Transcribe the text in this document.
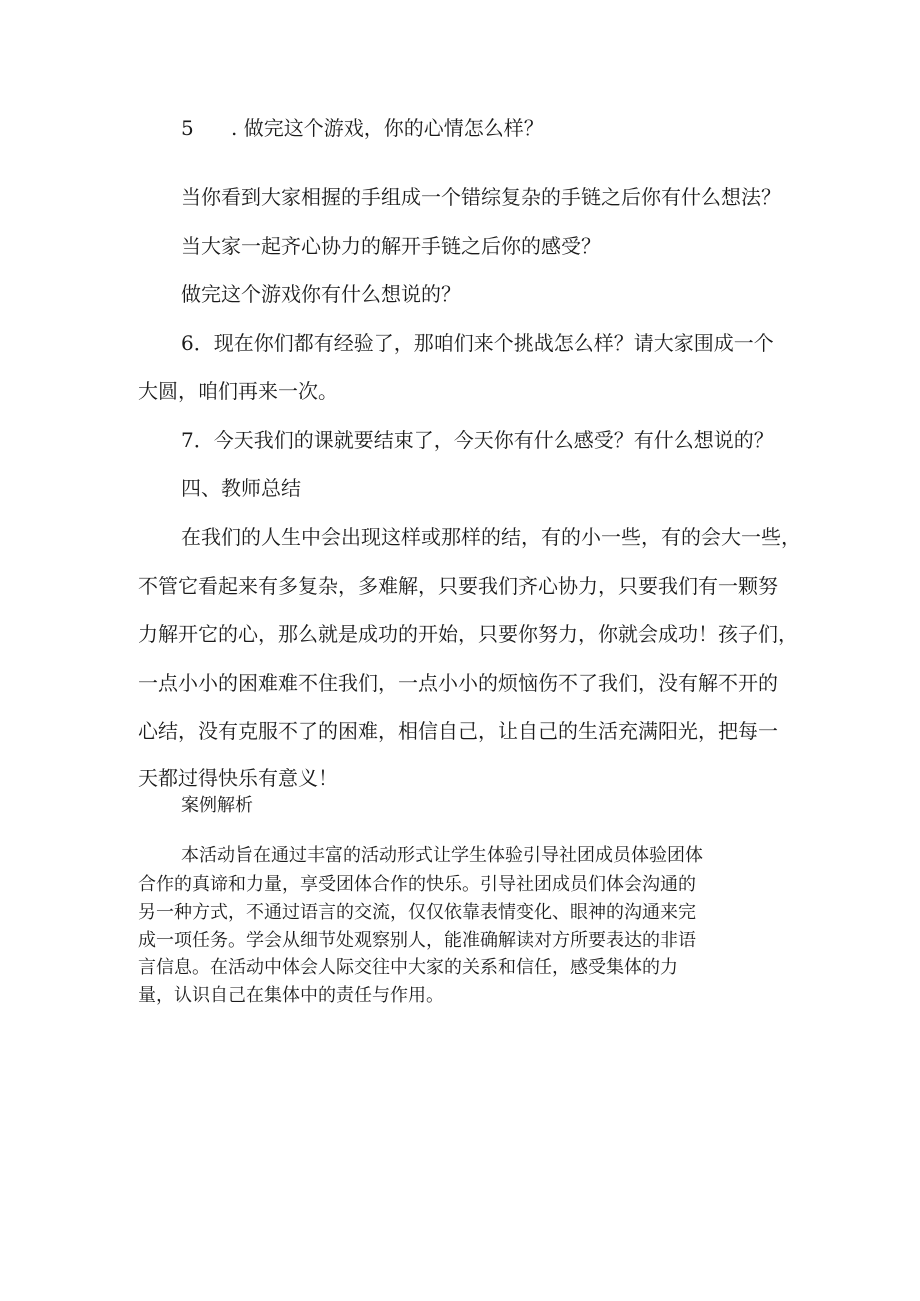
5 . 做完这个游戏，你的心情怎么样？
当你看到大家相握的手组成一个错综复杂的手链之后你有什么想法？
当大家一起齐心协力的解开手链之后你的感受？
做完这个游戏你有什么想说的？
6．现在你们都有经验了，那咱们来个挑战怎么样？请大家围成一个
大圆，咱们再来一次。
7．今天我们的课就要结束了，今天你有什么感受？有什么想说的？
四、教师总结
在我们的人生中会出现这样或那样的结，有的小一些，有的会大一些，
不管它看起来有多复杂，多难解，只要我们齐心协力，只要我们有一颗努
力解开它的心，那么就是成功的开始，只要你努力，你就会成功！孩子们，
一点小小的困难难不住我们，一点小小的烦恼伤不了我们，没有解不开的
心结，没有克服不了的困难，相信自己，让自己的生活充满阳光，把每一
天都过得快乐有意义！
案例解析
本活动旨在通过丰富的活动形式让学生体验引导社团成员体验团体
合作的真谛和力量，享受团体合作的快乐。引导社团成员们体会沟通的
另一种方式，不通过语言的交流，仅仅依靠表情变化、眼神的沟通来完
成一项任务。学会从细节处观察别人，能准确解读对方所要表达的非语
言信息。在活动中体会人际交往中大家的关系和信任，感受集体的力
量，认识自己在集体中的责任与作用。
